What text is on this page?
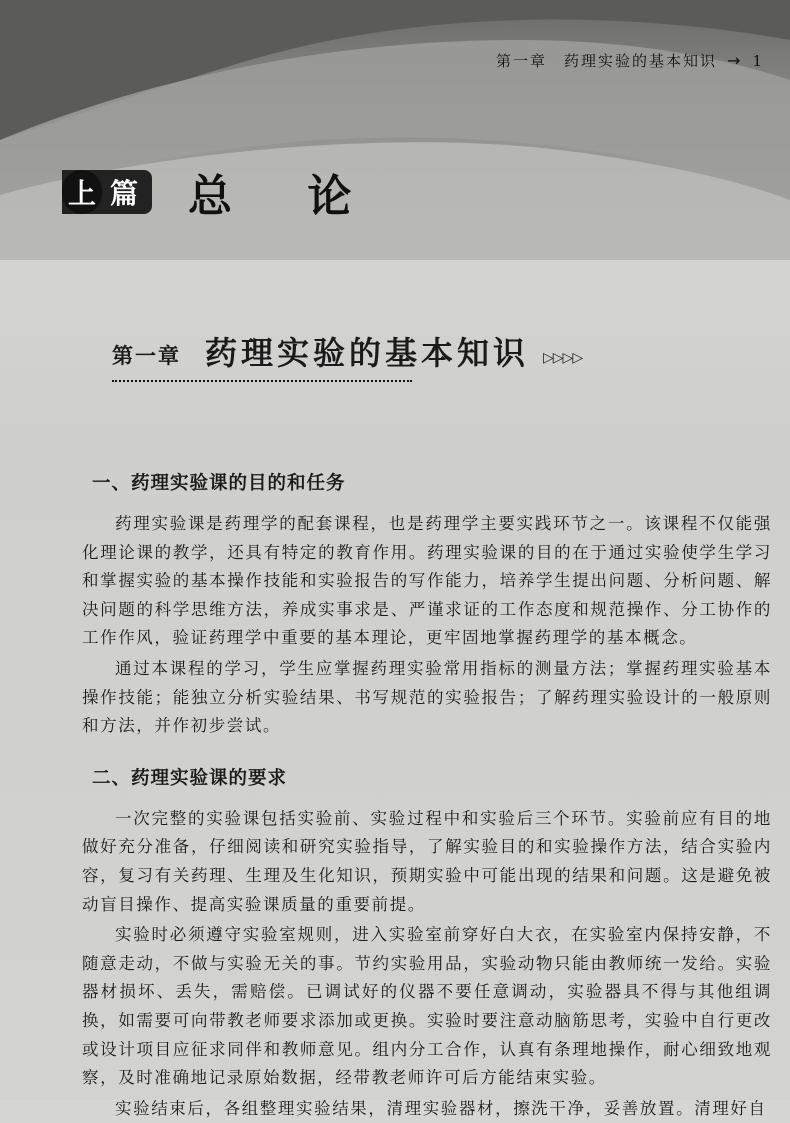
第一章　药理实验的基本知识 → 1
上 篇	总 论
第一章 药理实验的基本知识 ▷▷▷▷
一、药理实验课的目的和任务

药理实验课是药理学的配套课程，也是药理学主要实践环节之一。该课程不仅能强化理论课的教学，还具有特定的教育作用。药理实验课的目的在于通过实验使学生学习和掌握实验的基本操作技能和实验报告的写作能力，培养学生提出问题、分析问题、解决问题的科学思维方法，养成实事求是、严谨求证的工作态度和规范操作、分工协作的工作作风，验证药理学中重要的基本理论，更牢固地掌握药理学的基本概念。

通过本课程的学习，学生应掌握药理实验常用指标的测量方法；掌握药理实验基本操作技能；能独立分析实验结果、书写规范的实验报告；了解药理实验设计的一般原则和方法，并作初步尝试。

二、药理实验课的要求

一次完整的实验课包括实验前、实验过程中和实验后三个环节。实验前应有目的地做好充分准备，仔细阅读和研究实验指导，了解实验目的和实验操作方法，结合实验内容，复习有关药理、生理及生化知识，预期实验中可能出现的结果和问题。这是避免被动盲目操作、提高实验课质量的重要前提。

实验时必须遵守实验室规则，进入实验室前穿好白大衣，在实验室内保持安静，不随意走动，不做与实验无关的事。节约实验用品，实验动物只能由教师统一发给。实验器材损坏、丢失，需赔偿。已调试好的仪器不要任意调动，实验器具不得与其他组调换，如需要可向带教老师要求添加或更换。实验时要注意动脑筋思考，实验中自行更改或设计项目应征求同伴和教师意见。组内分工合作，认真有条理地操作，耐心细致地观察，及时准确地记录原始数据，经带教老师许可后方能结束实验。

实验结束后，各组整理实验结果，清理实验器材，擦洗干净，妥善放置。清理好自
